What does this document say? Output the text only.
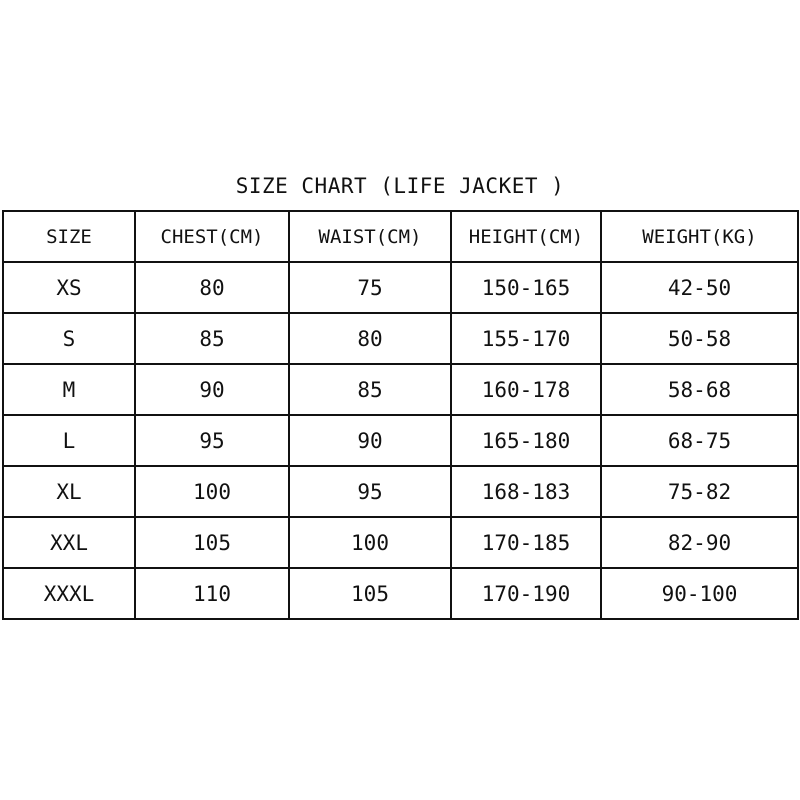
SIZE CHART (LIFE JACKET )
SIZE	CHEST(CM)	WAIST(CM)	HEIGHT(CM)	WEIGHT(KG)
XS	80	75	150-165	42-50
S	85	80	155-170	50-58
M	90	85	160-178	58-68
L	95	90	165-180	68-75
XL	100	95	168-183	75-82
XXL	105	100	170-185	82-90
XXXL	110	105	170-190	90-100
